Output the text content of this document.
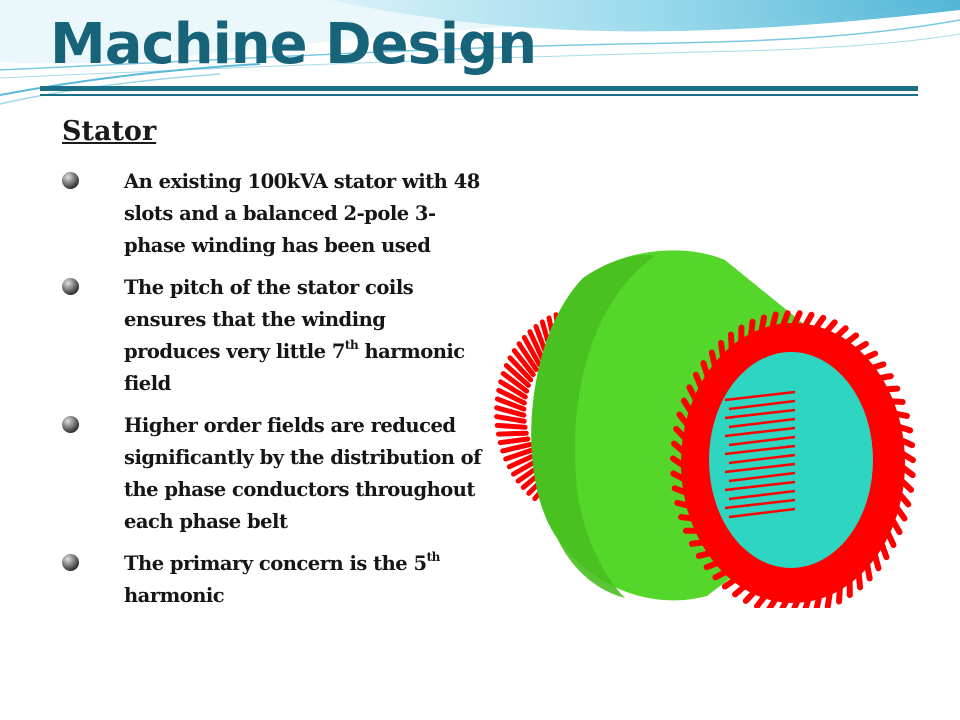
Machine Design
Stator
An existing 100kVA stator with 48 slots and a balanced 2-pole 3-phase winding has been used
The pitch of the stator coils ensures that the winding produces very little 7th harmonic field
Higher order fields are reduced significantly by the distribution of the phase conductors throughout each phase belt
The primary concern is the 5th harmonic
